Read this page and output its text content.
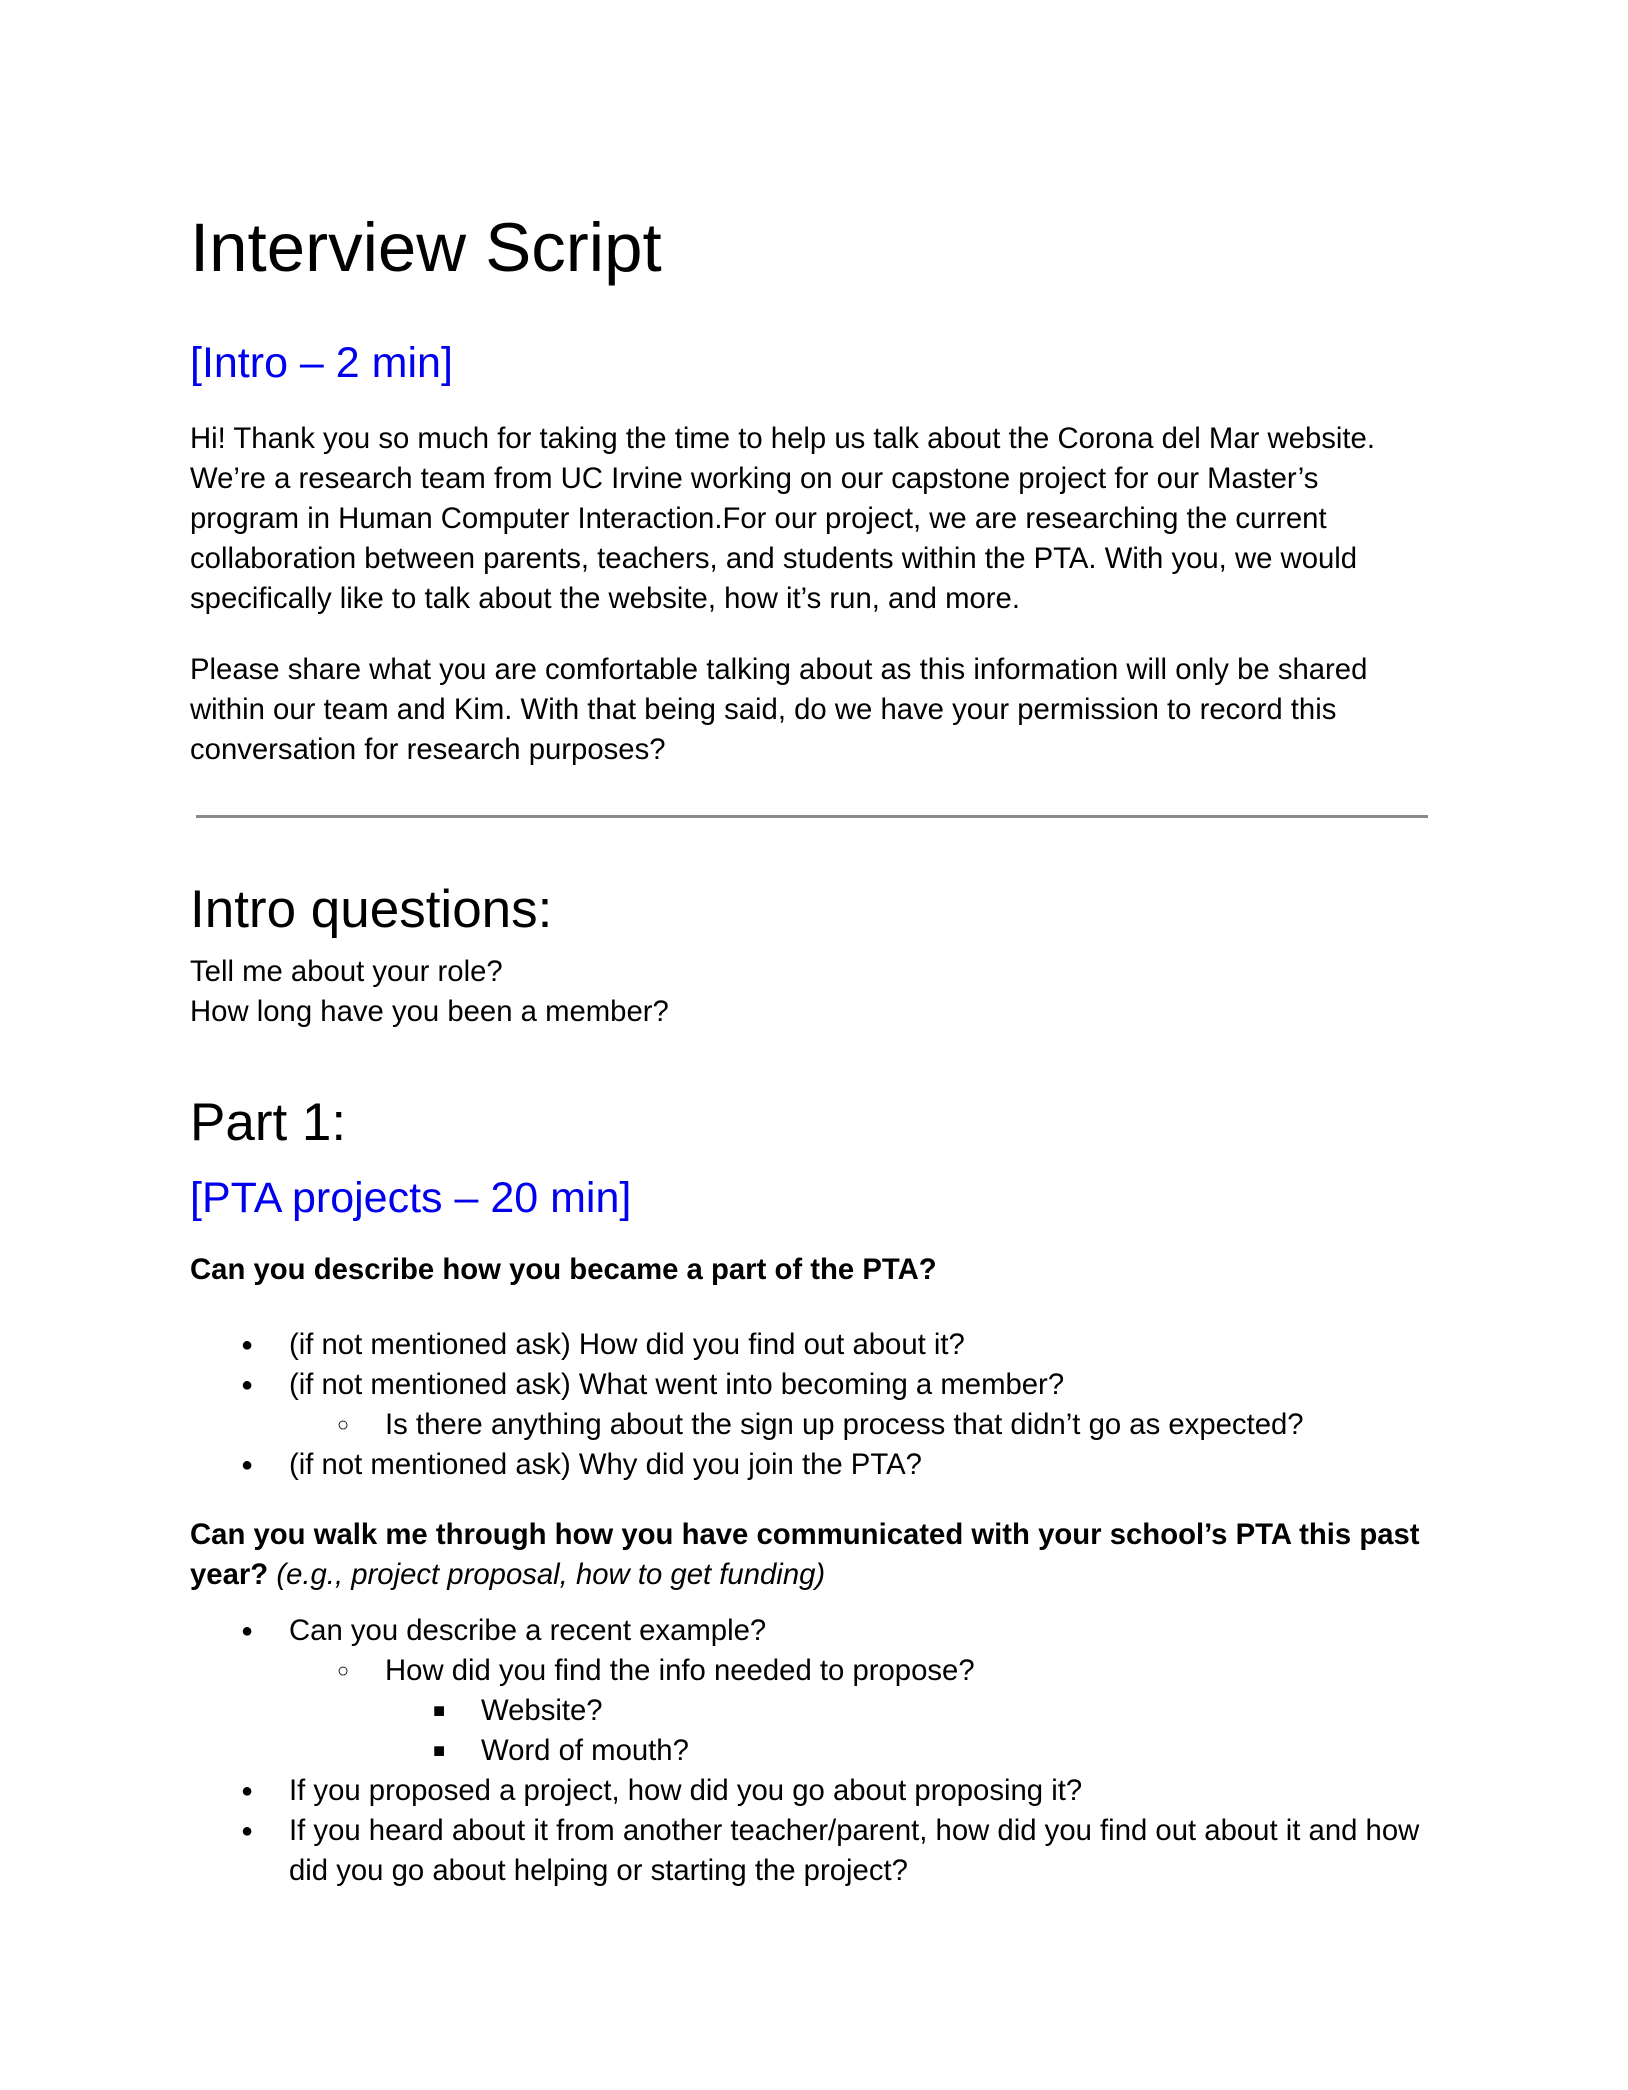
Interview Script
[Intro – 2 min]

Hi! Thank you so much for taking the time to help us talk about the Corona del Mar website. We’re a research team from UC Irvine working on our capstone project for our Master’s program in Human Computer Interaction.For our project, we are researching the current collaboration between parents, teachers, and students within the PTA. With you, we would specifically like to talk about the website, how it’s run, and more.

Please share what you are comfortable talking about as this information will only be shared within our team and Kim. With that being said, do we have your permission to record this conversation for research purposes?

Intro questions:
Tell me about your role?
How long have you been a member?
Part 1:
[PTA projects – 20 min]

Can you describe how you became a part of the PTA?

●	(if not mentioned ask) How did you find out about it?
●	(if not mentioned ask) What went into becoming a member?
○	Is there anything about the sign up process that didn’t go as expected?
●	(if not mentioned ask) Why did you join the PTA?

Can you walk me through how you have communicated with your school’s PTA this past year? (e.g., project proposal, how to get funding)

●	Can you describe a recent example?
○	How did you find the info needed to propose?
■	Website?
■	Word of mouth?
●	If you proposed a project, how did you go about proposing it?
●	If you heard about it from another teacher/parent, how did you find out about it and how did you go about helping or starting the project?
